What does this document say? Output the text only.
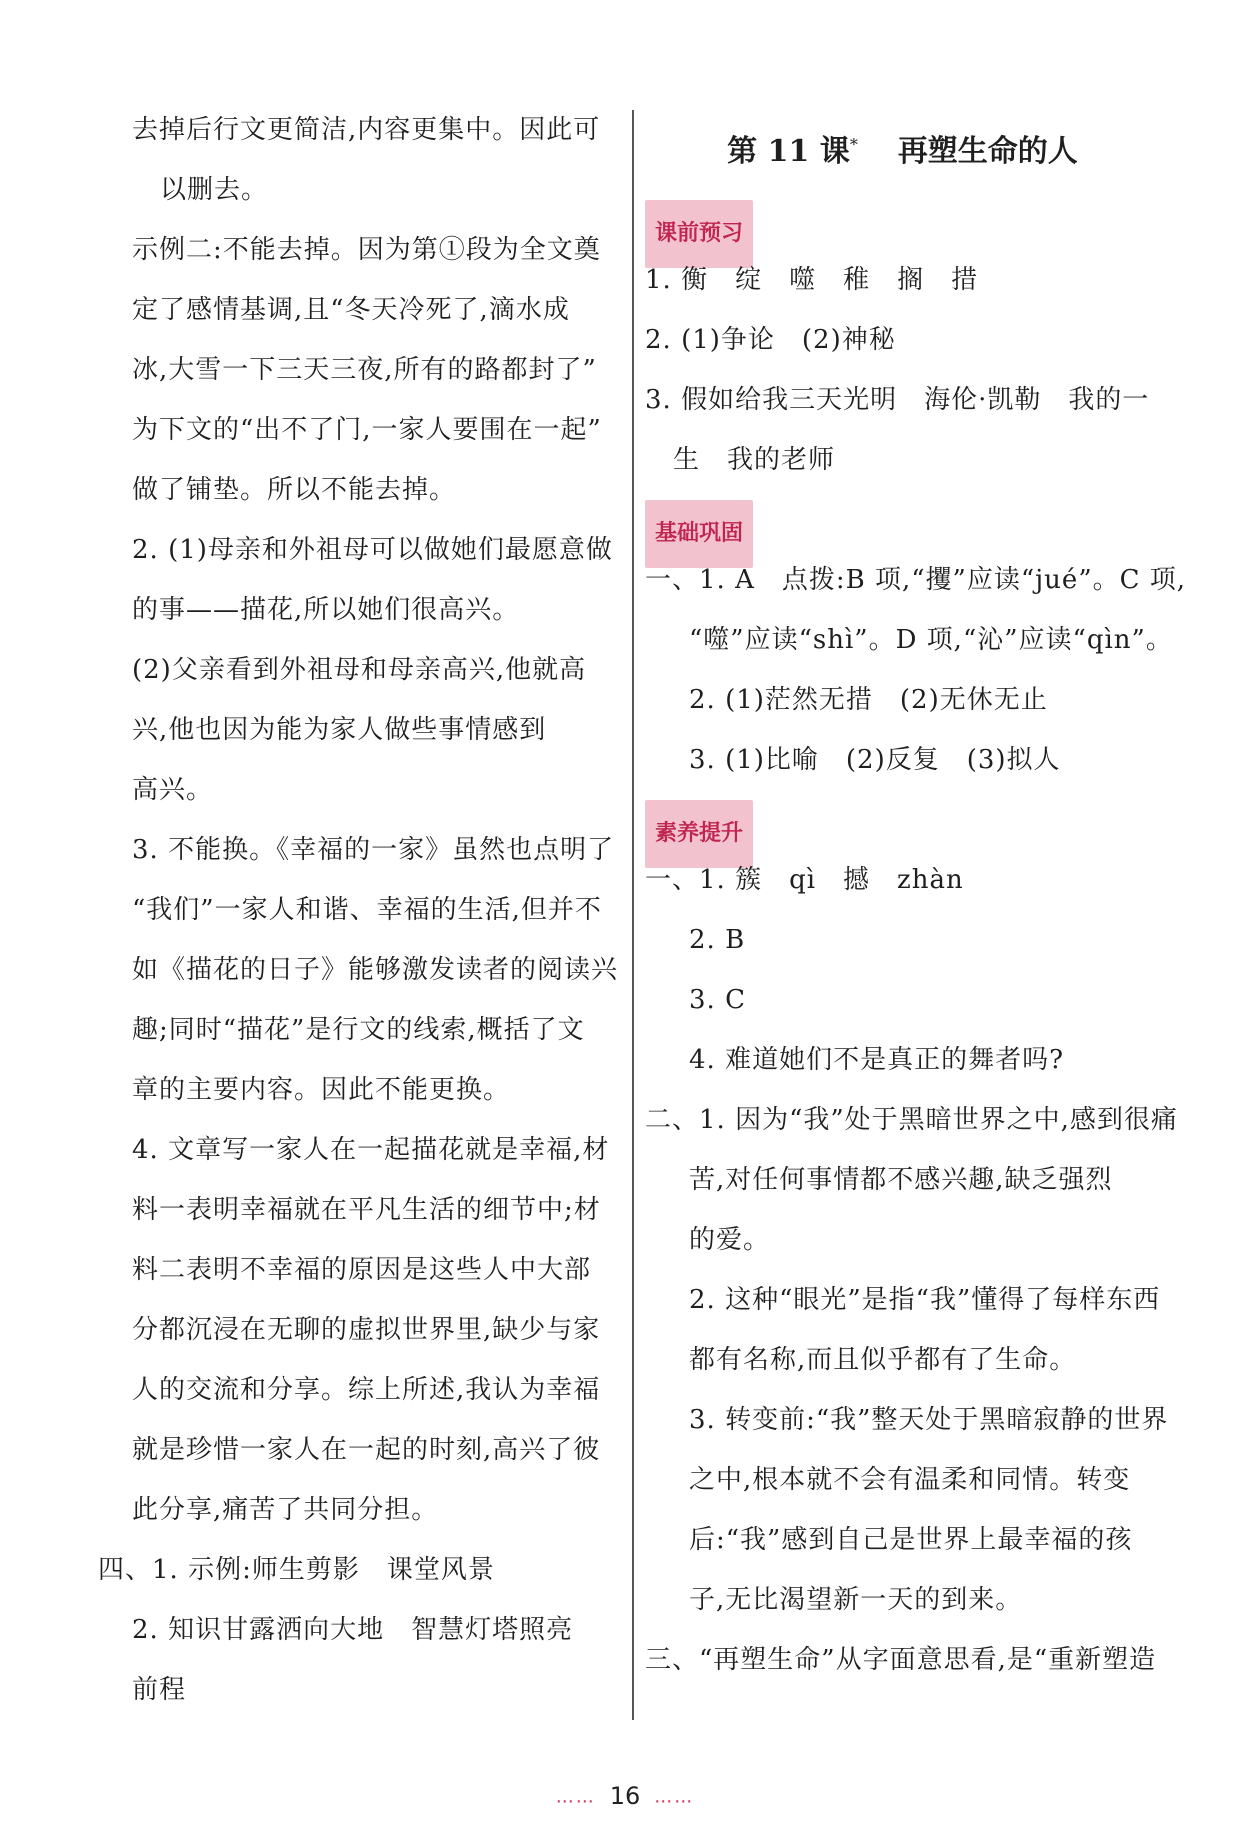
去掉后行文更简洁,内容更集中。因此可
以删去。
示例二:不能去掉。因为第①段为全文奠
定了感情基调,且“冬天冷死了,滴水成
冰,大雪一下三天三夜,所有的路都封了”
为下文的“出不了门,一家人要围在一起”
做了铺垫。所以不能去掉。
2. (1)母亲和外祖母可以做她们最愿意做
的事——描花,所以她们很高兴。
(2)父亲看到外祖母和母亲高兴,他就高
兴,他也因为能为家人做些事情感到
高兴。
3. 不能换。《幸福的一家》虽然也点明了
“我们”一家人和谐、幸福的生活,但并不
如《描花的日子》能够激发读者的阅读兴
趣;同时“描花”是行文的线索,概括了文
章的主要内容。因此不能更换。
4. 文章写一家人在一起描花就是幸福,材
料一表明幸福就在平凡生活的细节中;材
料二表明不幸福的原因是这些人中大部
分都沉浸在无聊的虚拟世界里,缺少与家
人的交流和分享。综上所述,我认为幸福
就是珍惜一家人在一起的时刻,高兴了彼
此分享,痛苦了共同分担。
四、1. 示例:师生剪影　课堂风景
2. 知识甘露洒向大地　智慧灯塔照亮
前程
第 11 课* 再塑生命的人
课前预习
1. 衡　绽　噬　稚　搁　措
2. (1)争论　(2)神秘
3. 假如给我三天光明　海伦·凯勒　我的一
生　我的老师
基础巩固
一、1. A　点拨:B 项,“攫”应读“jué”。C 项,
“噬”应读“shì”。D 项,“沁”应读“qìn”。
2. (1)茫然无措　(2)无休无止
3. (1)比喻　(2)反复　(3)拟人
素养提升
一、1. 簇　qì　撼　zhàn
2. B
3. C
4. 难道她们不是真正的舞者吗?
二、1. 因为“我”处于黑暗世界之中,感到很痛
苦,对任何事情都不感兴趣,缺乏强烈
的爱。
2. 这种“眼光”是指“我”懂得了每样东西
都有名称,而且似乎都有了生命。
3. 转变前:“我”整天处于黑暗寂静的世界
之中,根本就不会有温柔和同情。转变
后:“我”感到自己是世界上最幸福的孩
子,无比渴望新一天的到来。
三、“再塑生命”从字面意思看,是“重新塑造
…… 16 ……
